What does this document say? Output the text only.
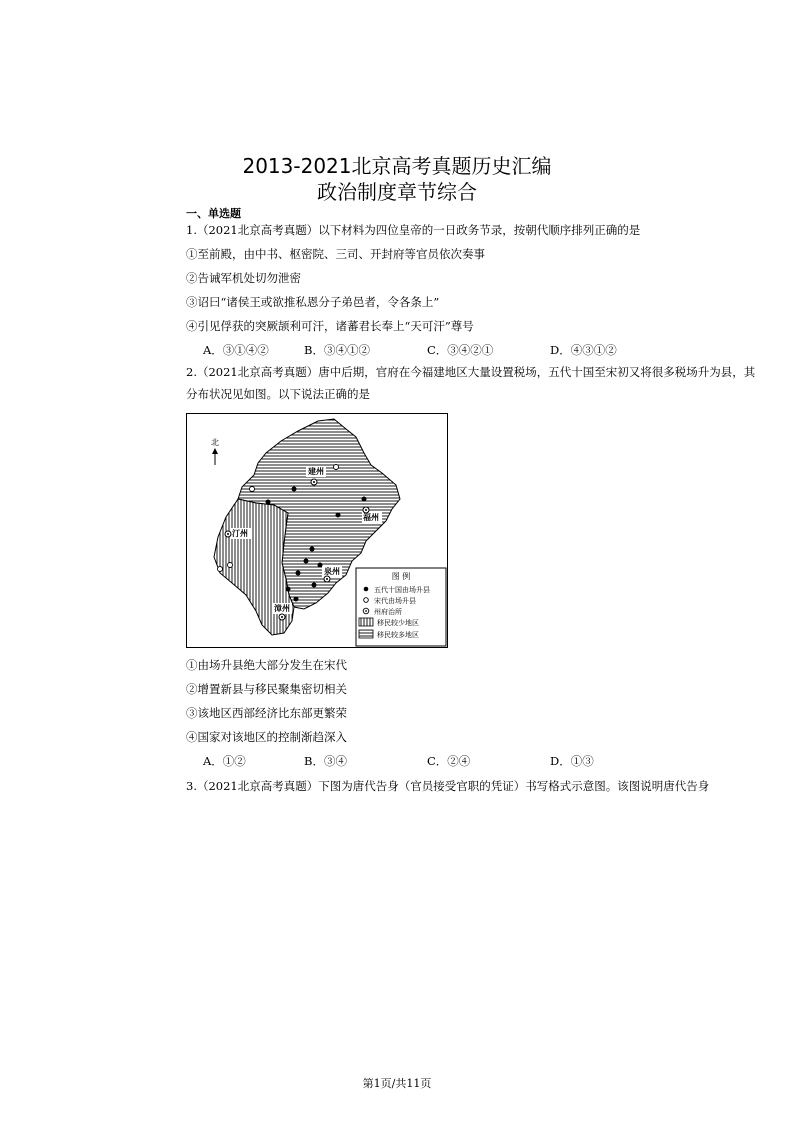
2013-2021北京高考真题历史汇编
政治制度章节综合
一、单选题
1.（2021北京高考真题）以下材料为四位皇帝的一日政务节录，按朝代顺序排列正确的是
①至前殿，由中书、枢密院、三司、开封府等官员依次奏事
②告诫军机处切勿泄密
③诏曰“诸侯王或欲推私恩分子弟邑者，令各条上”
④引见俘获的突厥颉利可汗，诸蕃君长奉上“天可汗”尊号
A．③①④②	B．③④①②	C．③④②①	D．④③①②
2.（2021北京高考真题）唐中后期，官府在今福建地区大量设置税场，五代十国至宋初又将很多税场升为县，其分布状况见如图。以下说法正确的是
北
图 例
五代十国由场升县
宋代由场升县
州府治所
移民较少地区
移民较多地区
建州
福州
汀州
泉州
漳州
①由场升县绝大部分发生在宋代
②增置新县与移民聚集密切相关
③该地区西部经济比东部更繁荣
④国家对该地区的控制渐趋深入
A．①②	B．③④	C．②④	D．①③
3.（2021北京高考真题）下图为唐代告身（官员接受官职的凭证）书写格式示意图。该图说明唐代告身
第1页/共11页
